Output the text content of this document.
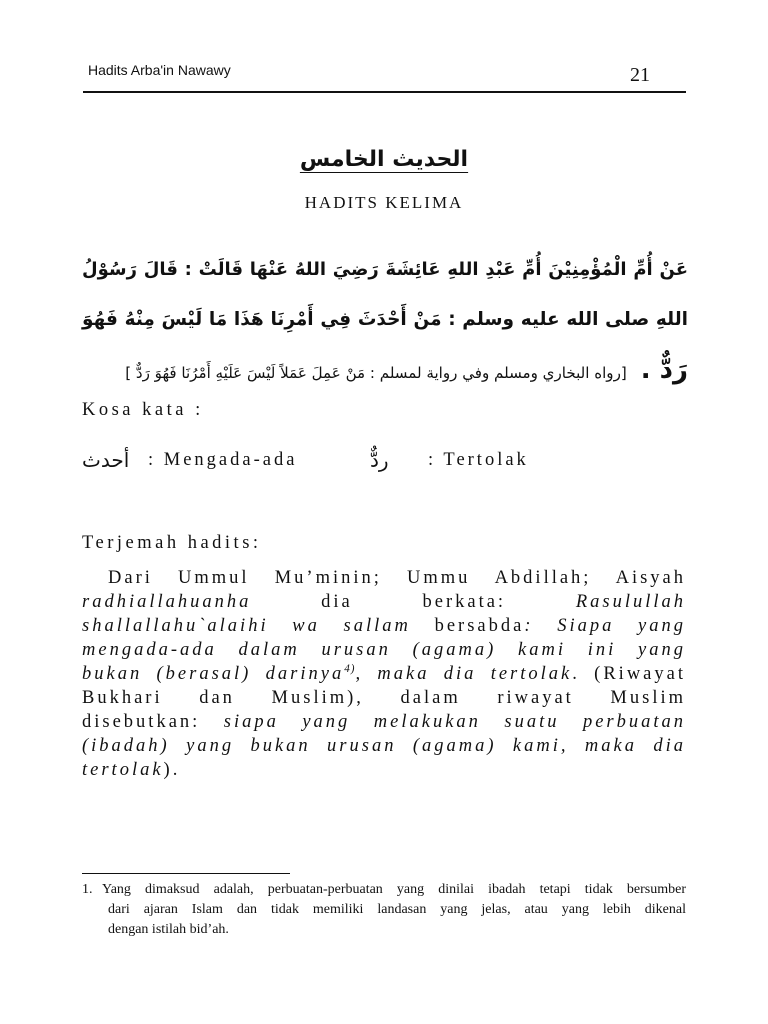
Hadits Arba'in Nawawy	21
الحديث الخامس
HADITS KELIMA
عَنْ أُمِّ الْمُؤْمِنِيْنَ أُمِّ عَبْدِ اللهِ عَائِشَةَ رَضِيَ اللهُ عَنْهَا قَالَتْ : قَالَ رَسُوْلُ
اللهِ صلى الله عليه وسلم : مَنْ أَحْدَثَ فِي أَمْرِنَا هَذَا مَا لَيْسَ مِنْهُ فَهُوَ
رَدٌّ .[رواه البخاري ومسلم وفي رواية لمسلم : مَنْ عَمِلَ عَمَلاً لَيْسَ عَلَيْهِ أَمْرُنَا فَهُوَ رَدٌّ ]
Kosa kata :
أحدث : Mengada-ada	ردٌّ : Tertolak
Terjemah hadits:
Dari Ummul Mu’minin; Ummu Abdillah; Aisyah
radhiallahuanha dia berkata: Rasulullah
shallallahu`alaihi wa sallam bersabda: Siapa yang
mengada-ada dalam urusan (agama) kami ini yang
bukan (berasal) darinya$^{4)}$, maka dia tertolak. (Riwayat
Bukhari dan Muslim), dalam riwayat Muslim
disebutkan: siapa yang melakukan suatu perbuatan
(ibadah) yang bukan urusan (agama) kami, maka dia
tertolak).
1. Yang dimaksud adalah, perbuatan-perbuatan yang dinilai ibadah tetapi tidak bersumber
dari ajaran Islam dan tidak memiliki landasan yang jelas, atau yang lebih dikenal
dengan istilah bid’ah.
